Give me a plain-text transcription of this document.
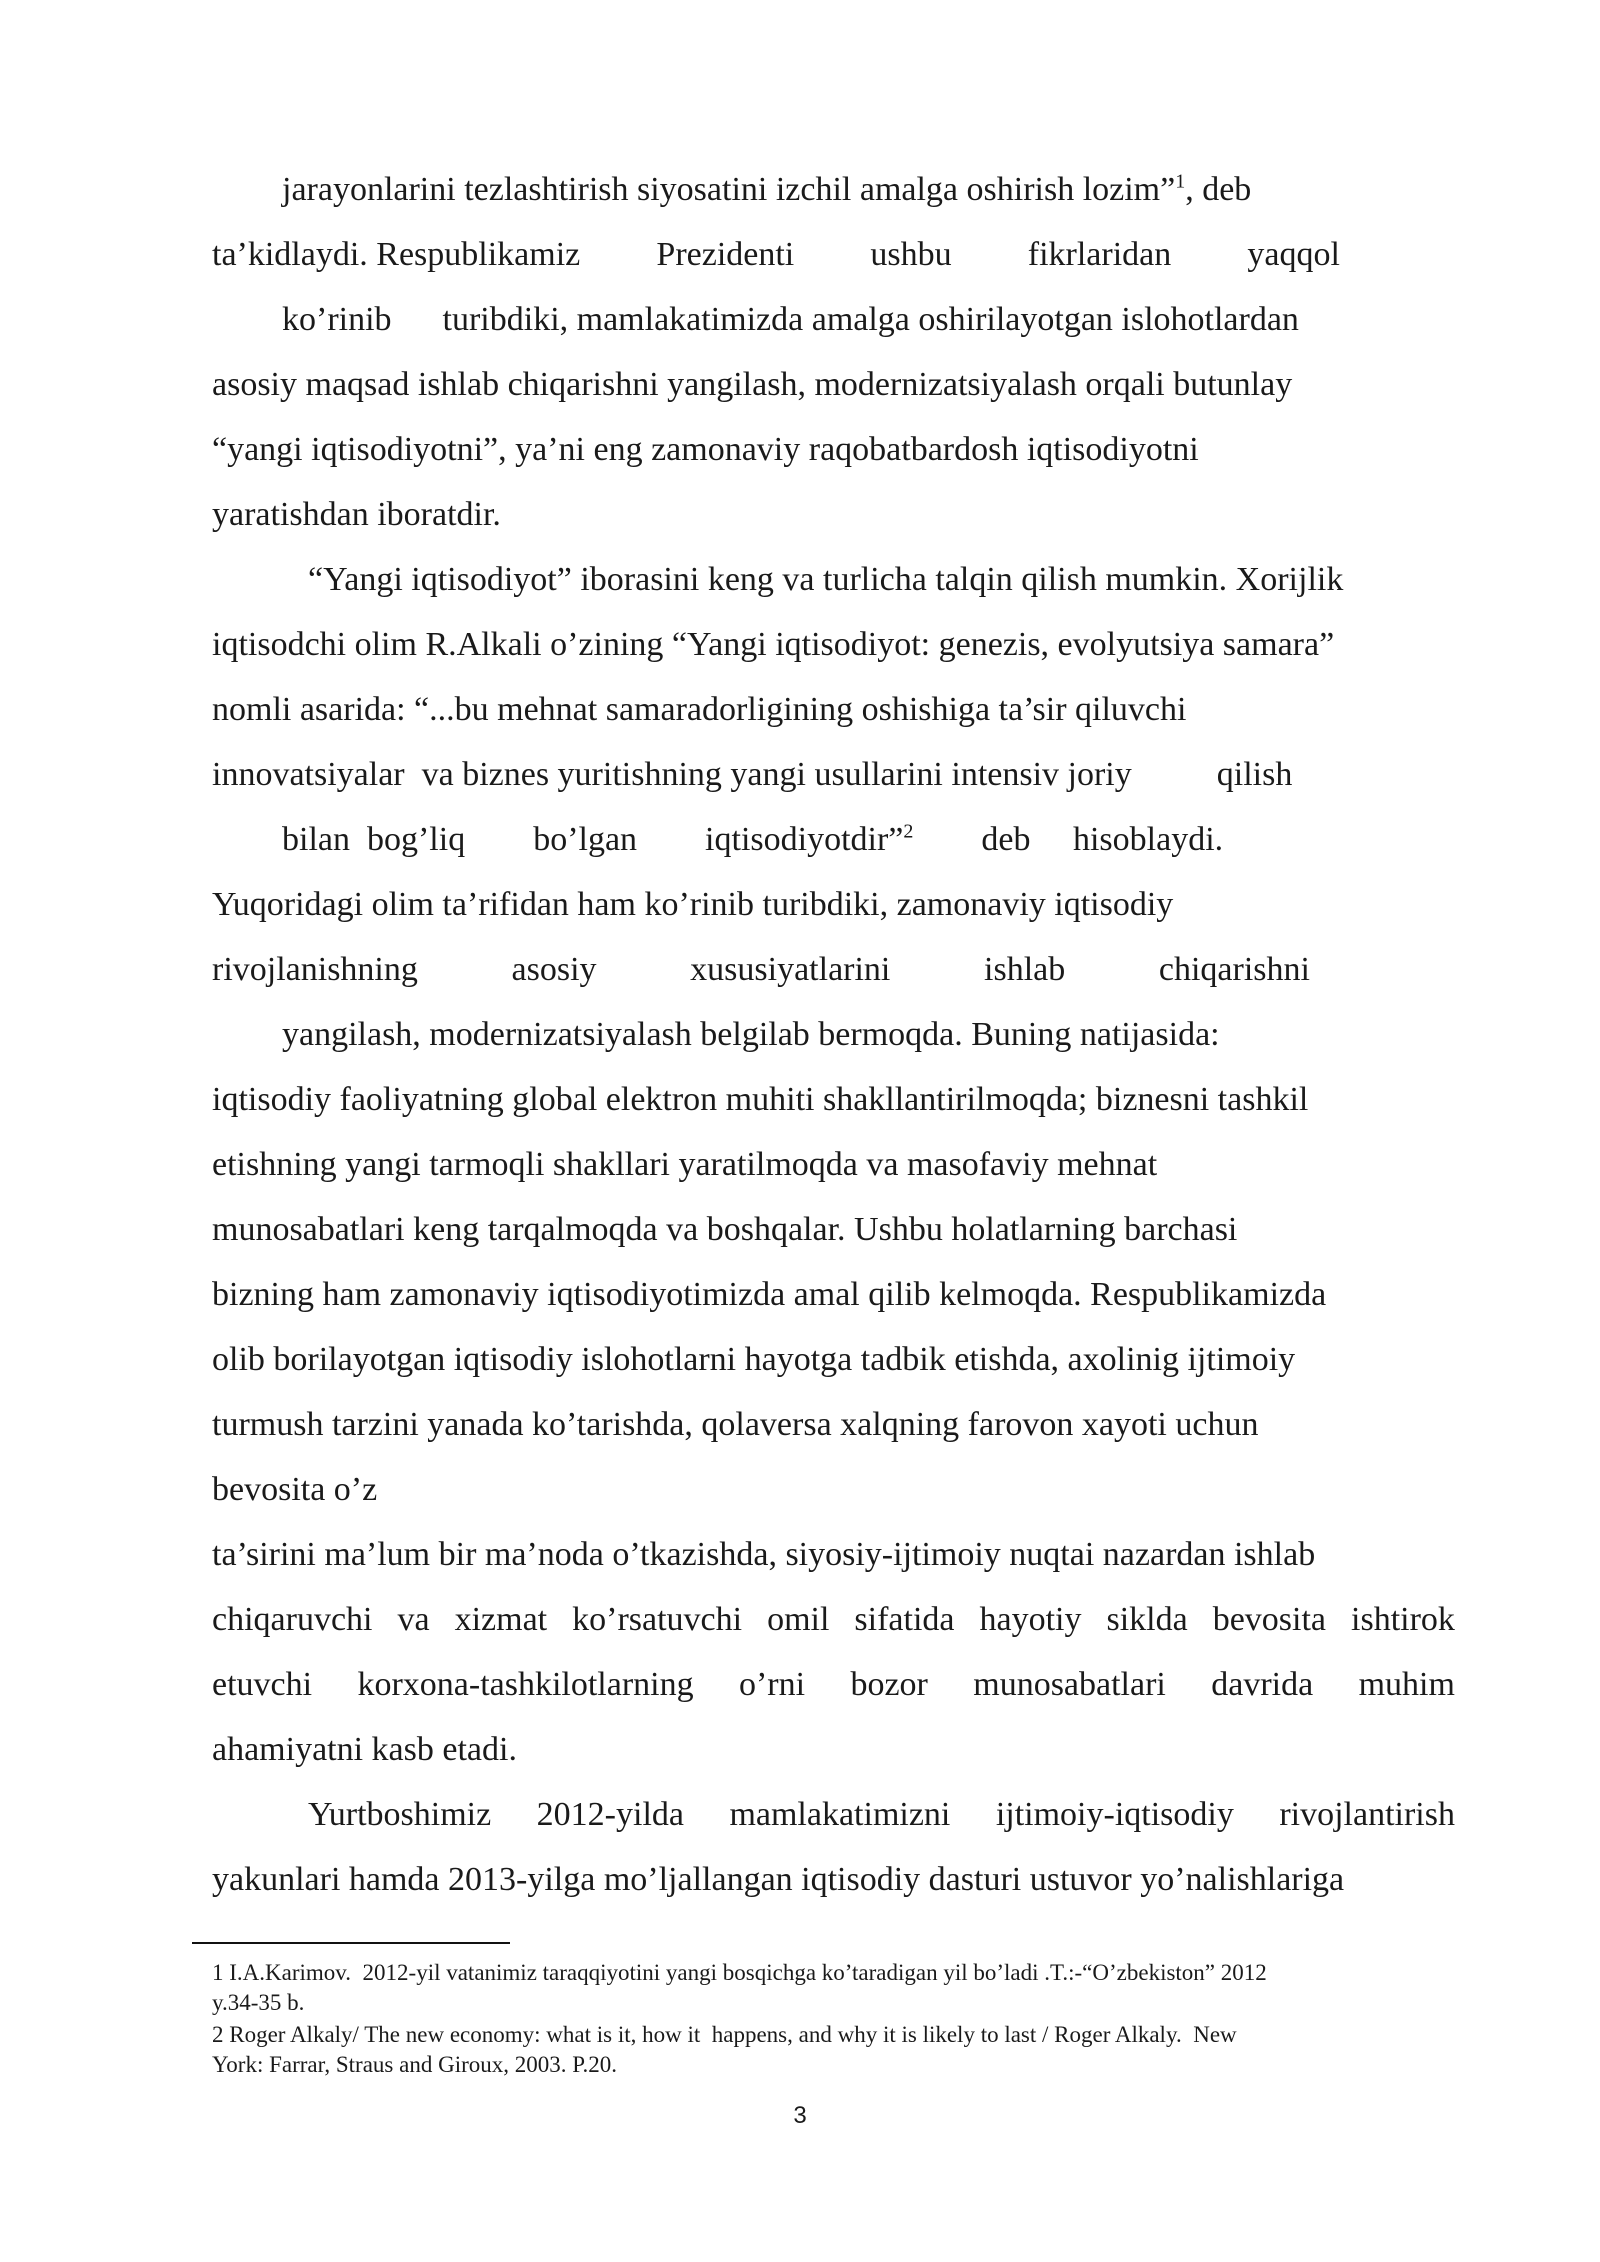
jarayonlarini tezlashtirish siyosatini izchil amalga oshirish lozim”$^1$, deb
ta’kidlaydi. Respublikamiz Prezidenti ushbu fikrlaridan yaqqol
ko’rinib      turibdiki, mamlakatimizda amalga oshirilayotgan islohotlardan
asosiy maqsad ishlab chiqarishni yangilash, modernizatsiyalash orqali butunlay
“yangi iqtisodiyotni”, ya’ni eng zamonaviy raqobatbardosh iqtisodiyotni
yaratishdan iboratdir.
“Yangi iqtisodiyot” iborasini keng va turlicha talqin qilish mumkin. Xorijlik
iqtisodchi olim R.Alkali o’zining “Yangi iqtisodiyot: genezis, evolyutsiya samara”
nomli asarida: “...bu mehnat samaradorligining oshishiga ta’sir qiluvchi
innovatsiyalar  va biznes yuritishning yangi usullarini intensiv joriy          qilish
bilan  bog’liq        bo’lgan        iqtisodiyotdir”$^2$        deb     hisoblaydi.
Yuqoridagi olim ta’rifidan ham ko’rinib turibdiki, zamonaviy iqtisodiy
rivojlanishning	asosiy	xususiyatlarini	ishlab	chiqarishni
yangilash, modernizatsiyalash belgilab bermoqda. Buning natijasida:
iqtisodiy faoliyatning global elektron muhiti shakllantirilmoqda; biznesni tashkil
etishning yangi tarmoqli shakllari yaratilmoqda va masofaviy mehnat
munosabatlari keng tarqalmoqda va boshqalar. Ushbu holatlarning barchasi
bizning ham zamonaviy iqtisodiyotimizda amal qilib kelmoqda. Respublikamizda
olib borilayotgan iqtisodiy islohotlarni hayotga tadbik etishda, axolinig ijtimoiy
turmush tarzini yanada ko’tarishda, qolaversa xalqning farovon xayoti uchun
bevosita o’z
ta’sirini ma’lum bir ma’noda o’tkazishda, siyosiy-ijtimoiy nuqtai nazardan ishlab
chiqaruvchi va xizmat ko’rsatuvchi omil sifatida hayotiy siklda bevosita ishtirok
etuvchi korxona-tashkilotlarning o’rni bozor munosabatlari davrida muhim
ahamiyatni kasb etadi.
Yurtboshimiz 2012-yilda mamlakatimizni ijtimoiy-iqtisodiy rivojlantirish
yakunlari hamda 2013-yilga mo’ljallangan iqtisodiy dasturi ustuvor yo’nalishlariga
1 I.A.Karimov.  2012-yil vatanimiz taraqqiyotini yangi bosqichga ko’taradigan yil bo’ladi .T.:-“O’zbekiston” 2012
y.34-35 b.
2 Roger Alkaly/ The new economy: what is it, how it  happens, and why it is likely to last / Roger Alkaly.  New
York: Farrar, Straus and Giroux, 2003. P.20.
3
